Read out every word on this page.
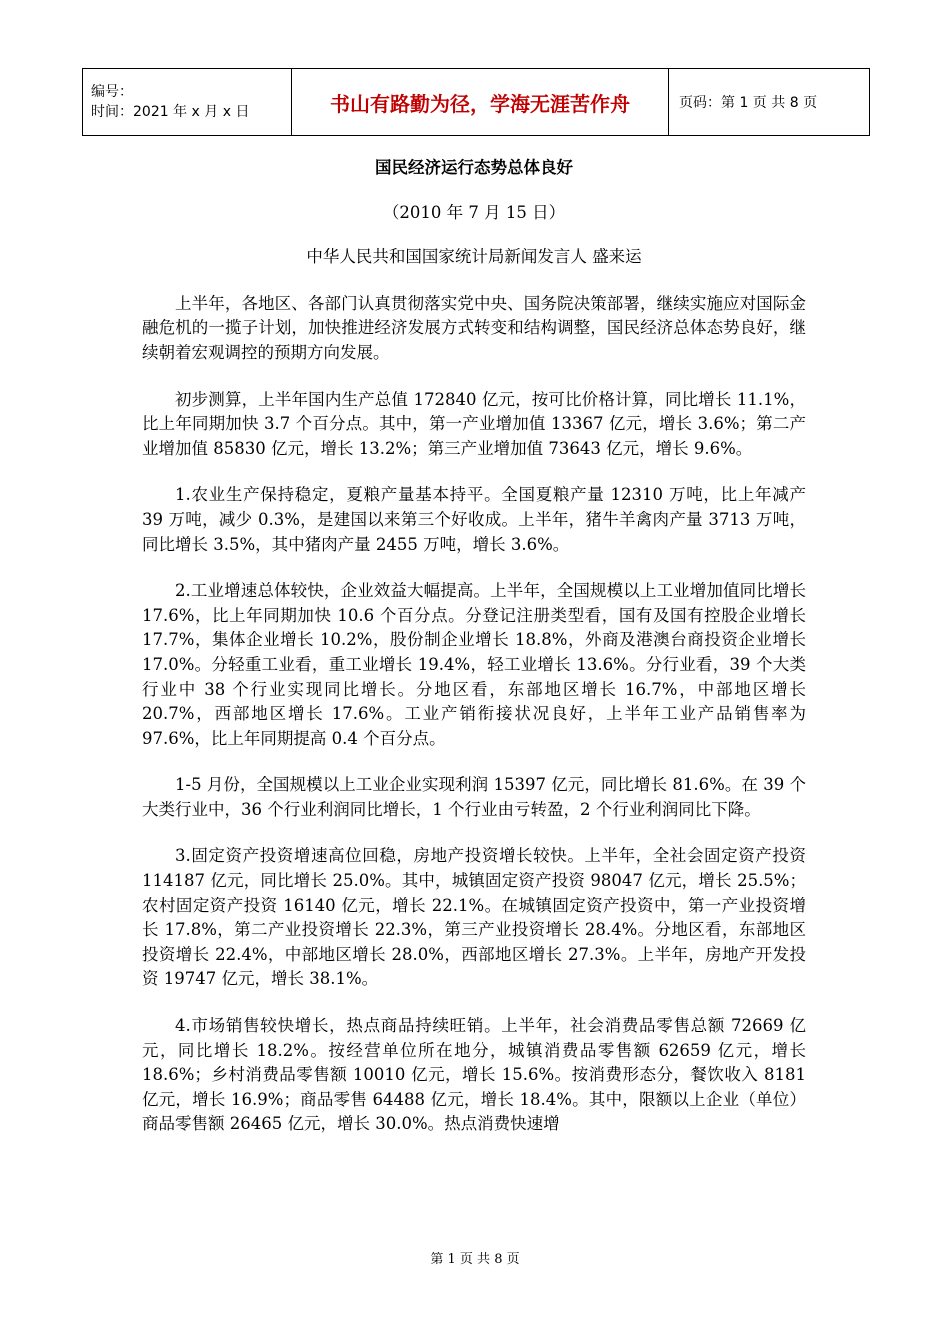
编号：
时间：2021 年 x 月 x 日	书山有路勤为径，学海无涯苦作舟	页码：第 1 页 共 8 页
国民经济运行态势总体良好
（2010 年 7 月 15 日）
中华人民共和国国家统计局新闻发言人 盛来运

上半年，各地区、各部门认真贯彻落实党中央、国务院决策部署，继续实施应对国际金融危机的一揽子计划，加快推进经济发展方式转变和结构调整，国民经济总体态势良好，继续朝着宏观调控的预期方向发展。

初步测算，上半年国内生产总值 172840 亿元，按可比价格计算，同比增长 11.1%，比上年同期加快 3.7 个百分点。其中，第一产业增加值 13367 亿元，增长 3.6%；第二产业增加值 85830 亿元，增长 13.2%；第三产业增加值 73643 亿元，增长 9.6%。

1.农业生产保持稳定，夏粮产量基本持平。全国夏粮产量 12310 万吨，比上年减产 39 万吨，减少 0.3%，是建国以来第三个好收成。上半年，猪牛羊禽肉产量 3713 万吨，同比增长 3.5%，其中猪肉产量 2455 万吨，增长 3.6%。

2.工业增速总体较快，企业效益大幅提高。上半年，全国规模以上工业增加值同比增长 17.6%，比上年同期加快 10.6 个百分点。分登记注册类型看，国有及国有控股企业增长 17.7%，集体企业增长 10.2%，股份制企业增长 18.8%，外商及港澳台商投资企业增长 17.0%。分轻重工业看，重工业增长 19.4%，轻工业增长 13.6%。分行业看，39 个大类行业中 38 个行业实现同比增长。分地区看，东部地区增长 16.7%，中部地区增长 20.7%，西部地区增长 17.6%。工业产销衔接状况良好，上半年工业产品销售率为 97.6%，比上年同期提高 0.4 个百分点。

1-5 月份，全国规模以上工业企业实现利润 15397 亿元，同比增长 81.6%。在 39 个大类行业中，36 个行业利润同比增长，1 个行业由亏转盈，2 个行业利润同比下降。

3.固定资产投资增速高位回稳，房地产投资增长较快。上半年，全社会固定资产投资 114187 亿元，同比增长 25.0%。其中，城镇固定资产投资 98047 亿元，增长 25.5%；农村固定资产投资 16140 亿元，增长 22.1%。在城镇固定资产投资中，第一产业投资增长 17.8%，第二产业投资增长 22.3%，第三产业投资增长 28.4%。分地区看，东部地区投资增长 22.4%，中部地区增长 28.0%，西部地区增长 27.3%。上半年，房地产开发投资 19747 亿元，增长 38.1%。

4.市场销售较快增长，热点商品持续旺销。上半年，社会消费品零售总额 72669 亿元，同比增长 18.2%。按经营单位所在地分，城镇消费品零售额 62659 亿元，增长 18.6%；乡村消费品零售额 10010 亿元，增长 15.6%。按消费形态分，餐饮收入 8181 亿元，增长 16.9%；商品零售 64488 亿元，增长 18.4%。其中，限额以上企业（单位）商品零售额 26465 亿元，增长 30.0%。热点消费快速增

第 1 页 共 8 页
